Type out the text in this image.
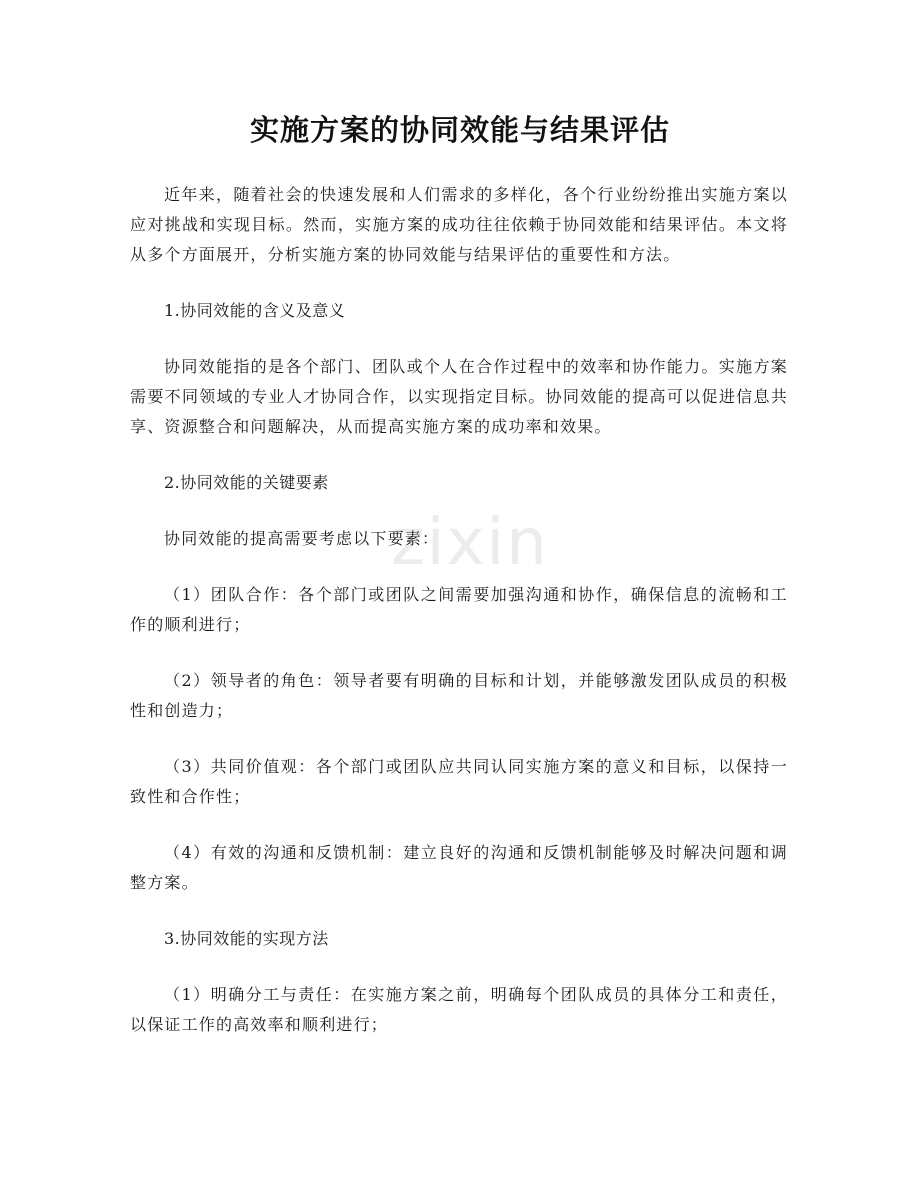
实施方案的协同效能与结果评估
zixin

近年来，随着社会的快速发展和人们需求的多样化，各个行业纷纷推出实施方案以应对挑战和实现目标。然而，实施方案的成功往往依赖于协同效能和结果评估。本文将从多个方面展开，分析实施方案的协同效能与结果评估的重要性和方法。

1.协同效能的含义及意义

协同效能指的是各个部门、团队或个人在合作过程中的效率和协作能力。实施方案需要不同领域的专业人才协同合作，以实现指定目标。协同效能的提高可以促进信息共享、资源整合和问题解决，从而提高实施方案的成功率和效果。

2.协同效能的关键要素

协同效能的提高需要考虑以下要素：

（1）团队合作：各个部门或团队之间需要加强沟通和协作，确保信息的流畅和工作的顺利进行；

（2）领导者的角色：领导者要有明确的目标和计划，并能够激发团队成员的积极性和创造力；

（3）共同价值观：各个部门或团队应共同认同实施方案的意义和目标，以保持一致性和合作性；

（4）有效的沟通和反馈机制：建立良好的沟通和反馈机制能够及时解决问题和调整方案。

3.协同效能的实现方法

（1）明确分工与责任：在实施方案之前，明确每个团队成员的具体分工和责任，以保证工作的高效率和顺利进行；
